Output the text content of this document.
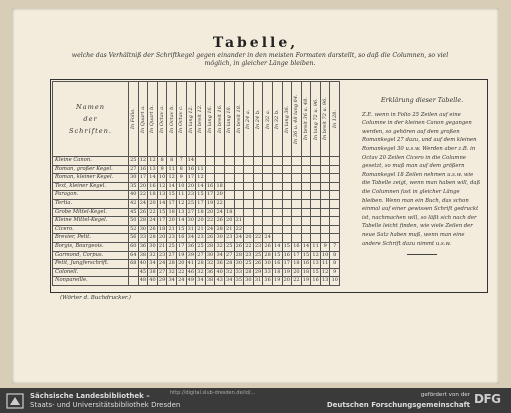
Tabelle,
welche das Verhältniß der Schriftkegel gegen einander in den meisten Formaten darstellt, so daß die Columnen, so viel möglich, in gleicher Länge bleiben.
Namen
der
Schriften.	In Folio.	In Quart a.	In Quart b.	In Octav a.	In Octav b.	In Octav c.	In lang 12.	In breit 12.	In lang 16.	In breit 16.	In lang 18.	In breit 18.	In 24 a.	In 24 b.	In 32 a.	In 32 b.	In lang 36.	In 36 u. 48 lang 64.	In breit 36 u. 48.	In lang 72 u. 96.	In breit 72 u. 96.	In 128.

Kleine Canon.	25	12	12	8	8	7	14															
Roman, großer Kegel.	27	16	13	9	11	8	16	11														
Roman, kleiner Kegel.	30	17	14	10	12	9	17	12														
Text, kleiner Kegel.	35	20	16	12	14	10	20	14	16	18												
Paragon.	40	22	18	13	15	11	23	15	17	20												
Tertia.	42	24	20	14	17	12	25	17	19	22												
Grobe Mittel-Kegel.	45	26	22	15	18	13	27	18	20	24	18											
Kleine Mittel-Kegel.	50	28	24	17	20	14	30	20	22	26	20	21										
Cicero.	52	30	26	18	21	15	31	21	24	28	21	22										
Brevier, Petit.	56	33	28	20	23	16	34	23	26	30	23	24	20	22	24							
Borgis, Bourgeois.	60	36	30	21	25	17	36	25	28	32	25	26	22	23	26	14	15	16	14	11	9	7
Garmond, Corpus.	64	38	32	23	27	19	39	27	30	34	27	28	23	25	28	15	16	17	15	12	10	8
Petit, Jungferschrift.	68	40	34	24	28	20	41	28	32	36	28	30	25	26	30	16	17	18	16	13	11	8
Colonell.		45	38	27	32	22	46	32	36	40	32	33	28	29	33	18	19	20	18	15	12	9
Nonpareille.		48	40	29	34	24	49	34	38	43	34	35	30	31	36	19	20	22	19	16	13	10
Erklärung dieser Tabelle.
Z.E. wenn in Folio 25 Zeilen auf eine Columne in der kleinen Canon gegangen werden, so gehören auf dem großen Romankegel 27 dazu, und auf dem kleinen Romankegel 30 u.s.w. Werden aber z.B. in Octav 20 Zeilen Cicero in die Columne gesetzt, so muß man auf dem größern Romankegel 18 Zeilen nehmen u.s.w. wie die Tabelle zeigt, wenn man haben will, daß die Columnen fast in gleicher Länge bleiben. Wenn man ein Buch, das schon einmal auf einer gewissen Schrift gedruckt ist, nachmachen will, so läßt sich nach der Tabelle leicht finden, wie viele Zeilen der neue Satz haben muß, wenn man eine andere Schrift dazu nimmt u.s.w.
(Wörter d. Buchdrucker.)
Sächsische Landesbibliothek –
Staats- und Universitätsbibliothek Dresden
http://digital.slub-dresden.de/id/...	gefördert von der
Deutschen Forschungsgemeinschaft DFG
